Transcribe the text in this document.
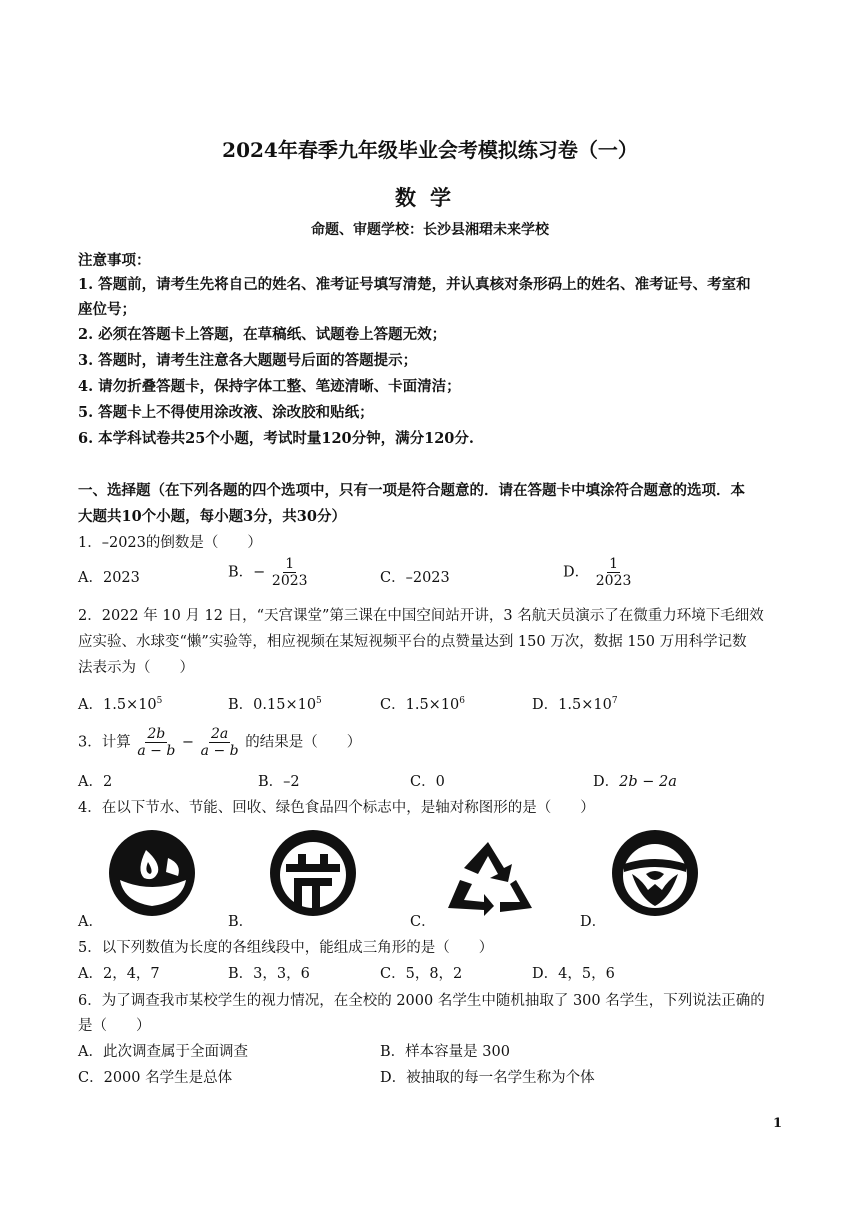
2024年春季九年级毕业会考模拟练习卷（一）
数学
命题、审题学校：长沙县湘珺未来学校
注意事项：
1. 答题前，请考生先将自己的姓名、准考证号填写清楚，并认真核对条形码上的姓名、准考证号、考室和
座位号；
2. 必须在答题卡上答题，在草稿纸、试题卷上答题无效；
3. 答题时，请考生注意各大题题号后面的答题提示；
4. 请勿折叠答题卡，保持字体工整、笔迹清晰、卡面清洁；
5. 答题卡上不得使用涂改液、涂改胶和贴纸；
6. 本学科试卷共25个小题，考试时量120分钟，满分120分.
一、选择题（在下列各题的四个选项中，只有一项是符合题意的．请在答题卡中填涂符合题意的选项．本
大题共10个小题，每小题3分，共30分）
1．–2023的倒数是（　　）
A．2023	B．− $\frac{1}{2023}$	C．–2023	D． $\frac{1}{2023}$
2．2022 年 10 月 12 日，“天宫课堂”第三课在中国空间站开讲，3 名航天员演示了在微重力环境下毛细效
应实验、水球变“懒”实验等，相应视频在某短视频平台的点赞量达到 150 万次，数据 150 万用科学记数
法表示为（　　）
A．$1.5\times 10^5$	B．$0.15\times 10^5$	C．$1.5\times 10^6$	D．$1.5\times 10^7$
3．计算 $\frac{2b}{a - b} - \frac{2a}{a - b}$ 的结果是（　　）
A．2	B．–2	C．0	D．2b − 2a
4．在以下节水、节能、回收、绿色食品四个标志中，是轴对称图形的是（　　）
A．	B．	C．	D．
5．以下列数值为长度的各组线段中，能组成三角形的是（　　）
A．2，4，7	B．3，3，6	C．5，8，2	D．4，5，6
6．为了调查我市某校学生的视力情况，在全校的 2000 名学生中随机抽取了 300 名学生，下列说法正确的
是（　　）
A．此次调查属于全面调查	B．样本容量是 300
C．2000 名学生是总体	D．被抽取的每一名学生称为个体
1
